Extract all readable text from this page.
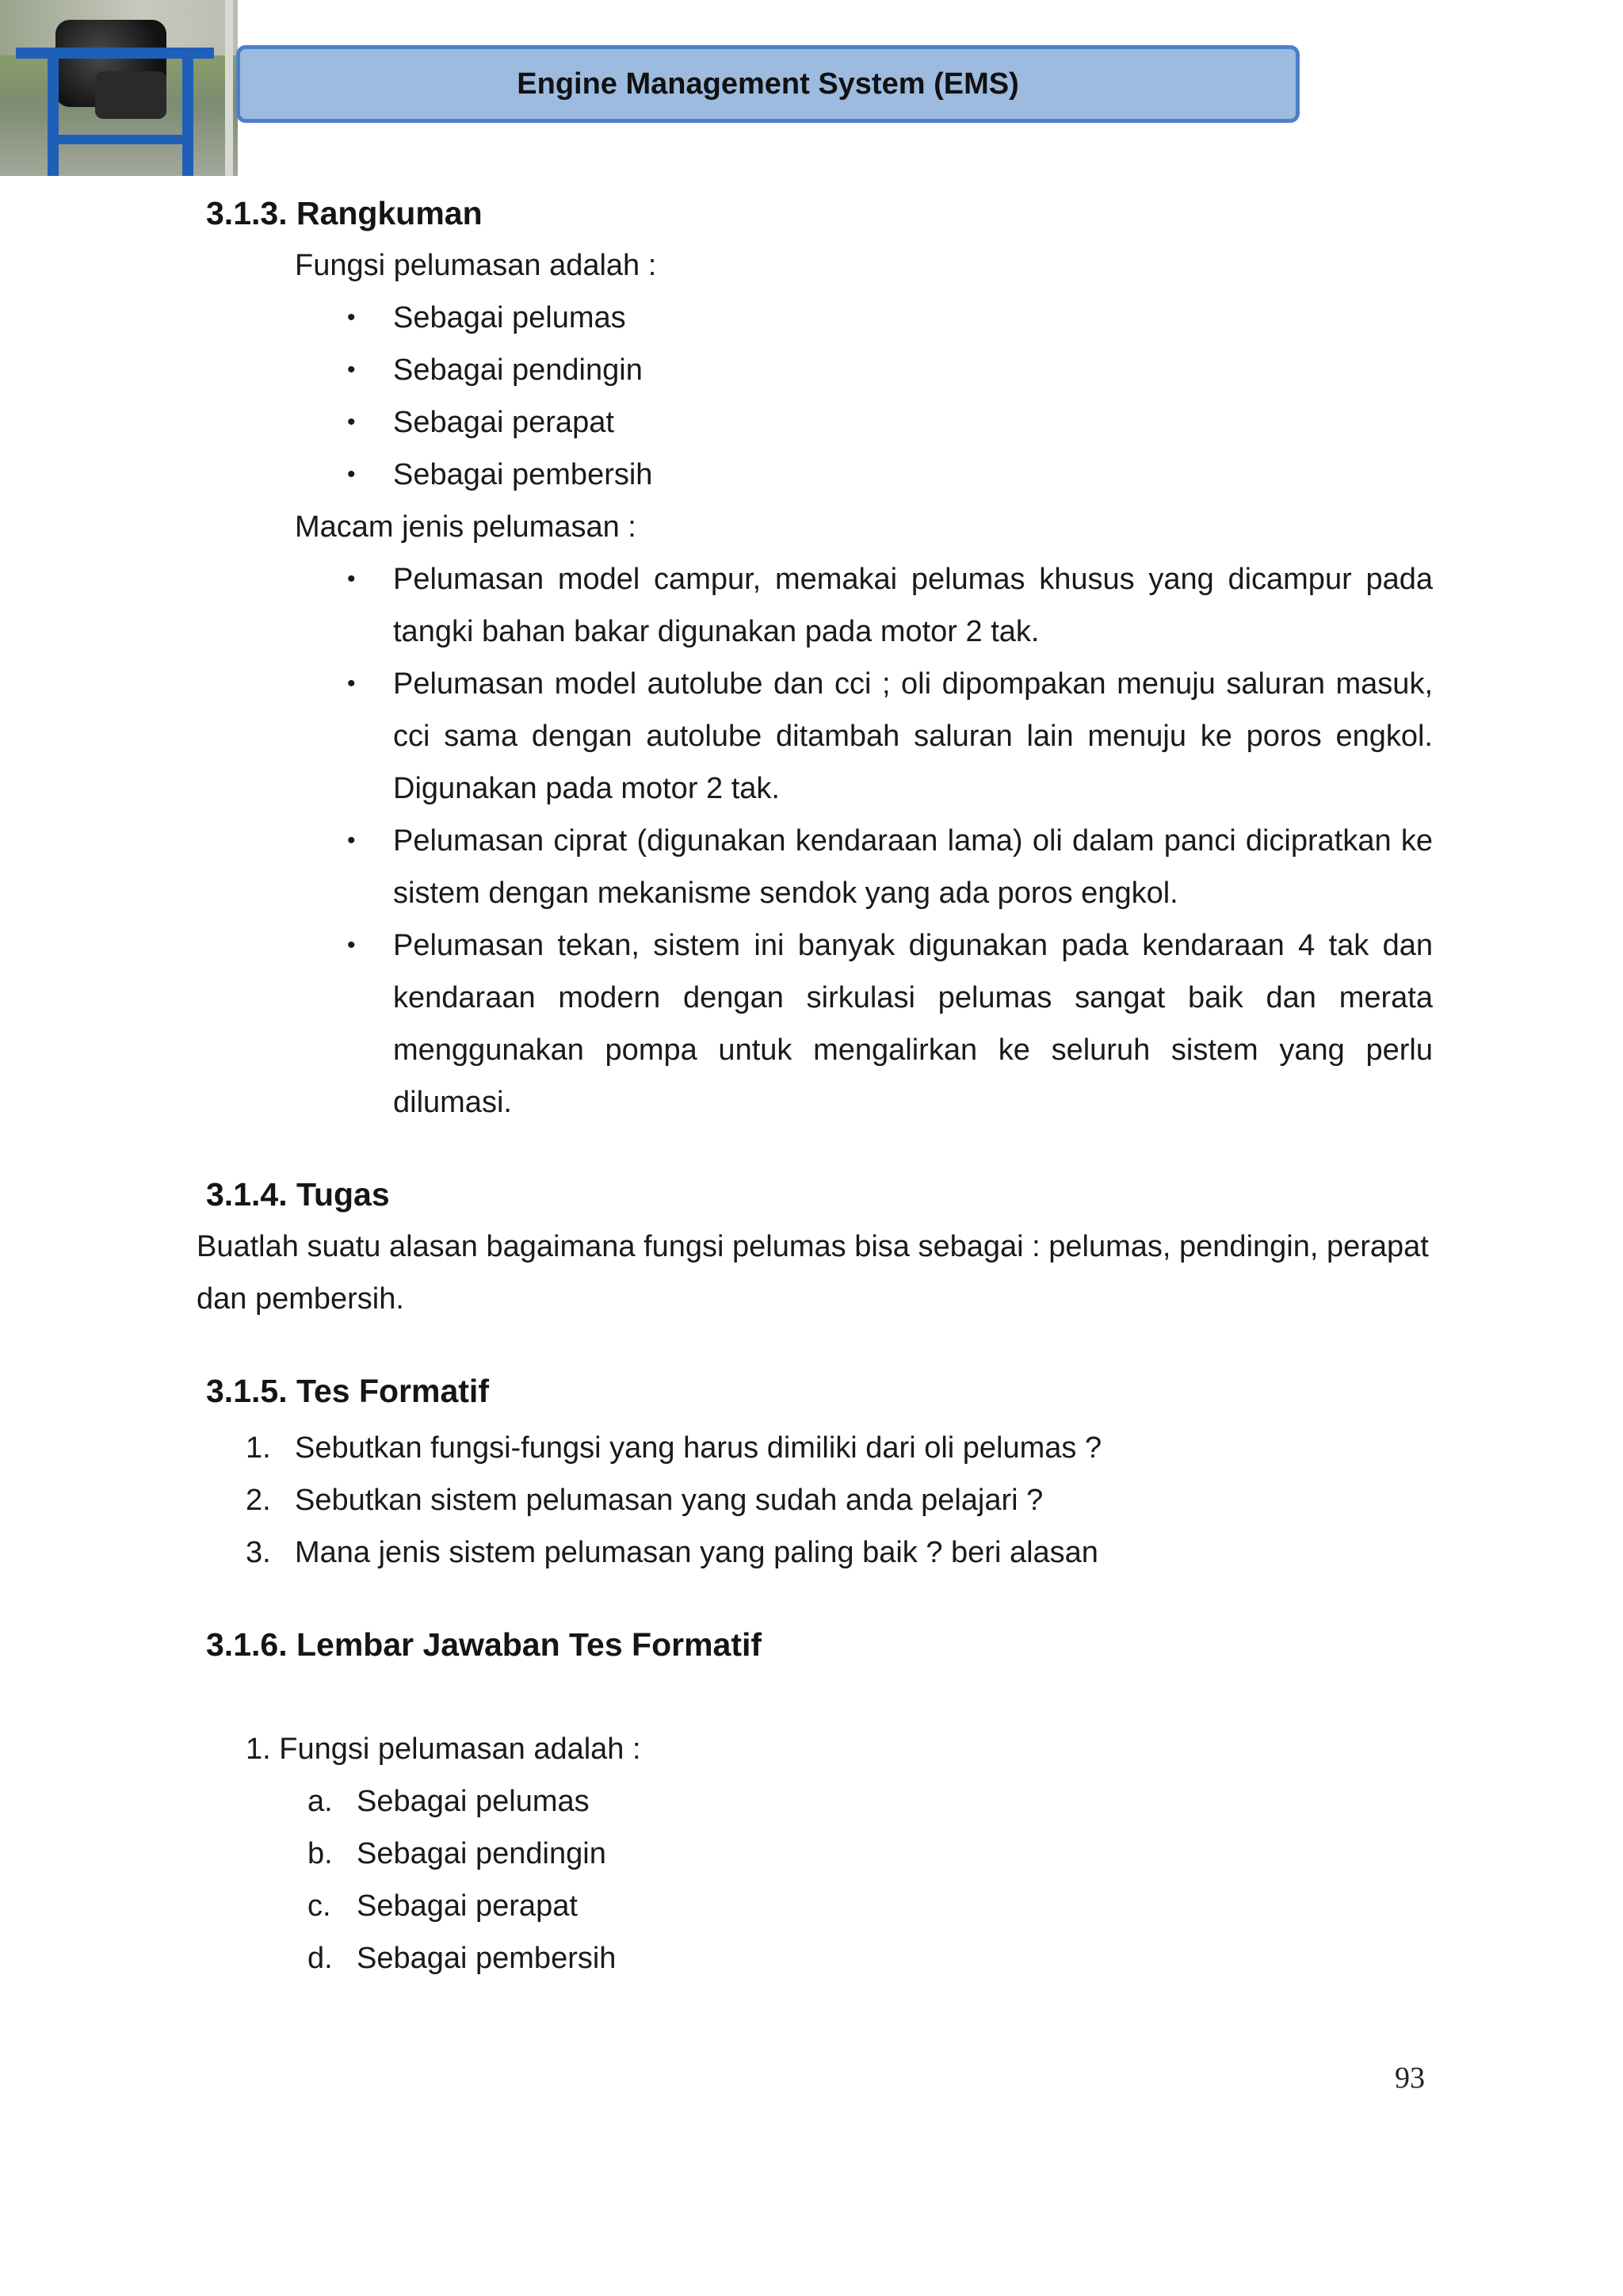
Engine Management System (EMS)
3.1.3. Rangkuman
Fungsi pelumasan adalah :
• Sebagai pelumas
• Sebagai pendingin
• Sebagai perapat
• Sebagai pembersih
Macam jenis pelumasan :
• Pelumasan model campur, memakai pelumas khusus yang dicampur pada
tangki bahan bakar digunakan pada motor 2 tak.
• Pelumasan model autolube dan cci ; oli dipompakan menuju saluran masuk,
cci sama dengan autolube ditambah saluran lain menuju ke poros engkol.
Digunakan pada motor 2 tak.
• Pelumasan ciprat (digunakan kendaraan lama) oli dalam panci dicipratkan ke
sistem dengan mekanisme sendok yang ada poros engkol.
• Pelumasan tekan, sistem ini banyak digunakan pada kendaraan 4 tak dan
kendaraan modern dengan sirkulasi pelumas sangat baik dan merata
menggunakan pompa untuk mengalirkan ke seluruh sistem yang perlu
dilumasi.
3.1.4. Tugas
Buatlah suatu alasan bagaimana fungsi pelumas bisa sebagai : pelumas, pendingin, perapat
dan pembersih.
3.1.5. Tes Formatif
1. Sebutkan fungsi-fungsi yang harus dimiliki dari oli pelumas ?
2. Sebutkan sistem pelumasan yang sudah anda pelajari ?
3. Mana jenis sistem pelumasan yang paling baik ? beri alasan
3.1.6. Lembar Jawaban Tes Formatif
1. Fungsi pelumasan adalah :
a. Sebagai pelumas
b. Sebagai pendingin
c. Sebagai perapat
d. Sebagai pembersih
93
